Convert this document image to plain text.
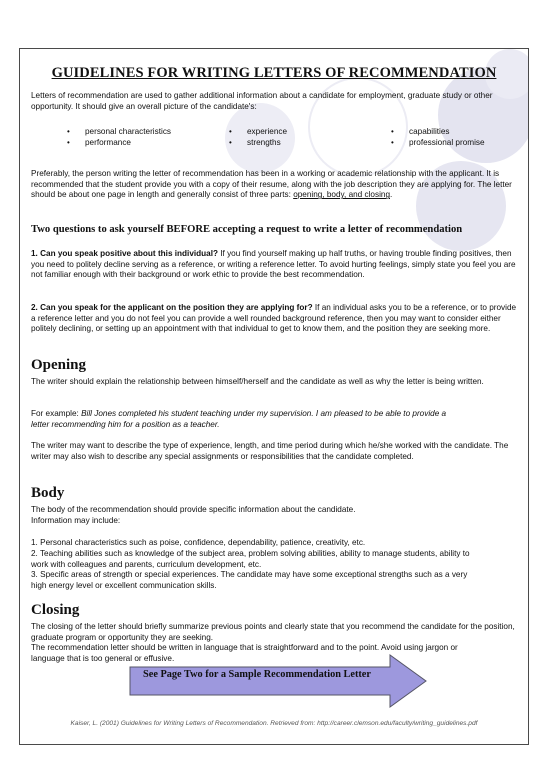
GUIDELINES FOR WRITING LETTERS OF RECOMMENDATION
Letters of recommendation are used to gather additional information about a candidate for employment, graduate study or other opportunity. It should give an overall picture of the candidate's:
• personal characteristics
• performance
• experience
• strengths
• capabilities
• professional promise
Preferably, the person writing the letter of recommendation has been in a working or academic relationship with the applicant. It is recommended that the student provide you with a copy of their resume, along with the job description they are applying for. The letter should be about one page in length and generally consist of three parts: opening, body, and closing.
Two questions to ask yourself BEFORE accepting a request to write a letter of recommendation
1. Can you speak positive about this individual? If you find yourself making up half truths, or having trouble finding positives, then you need to politely decline serving as a reference, or writing a reference letter. To avoid hurting feelings, simply state you feel you are not familiar enough with their background or work ethic to provide the best recommendation.
2. Can you speak for the applicant on the position they are applying for? If an individual asks you to be a reference, or to provide a reference letter and you do not feel you can provide a well rounded background reference, then you may want to consider either politely declining, or setting up an appointment with that individual to get to know them, and the position they are seeking more.
Opening
The writer should explain the relationship between himself/herself and the candidate as well as why the letter is being written.
For example: Bill Jones completed his student teaching under my supervision. I am pleased to be able to provide a letter recommending him for a position as a teacher.
The writer may want to describe the type of experience, length, and time period during which he/she worked with the candidate. The writer may also wish to describe any special assignments or responsibilities that the candidate completed.
Body
The body of the recommendation should provide specific information about the candidate.
Information may include:
1. Personal characteristics such as poise, confidence, dependability, patience, creativity, etc.
2. Teaching abilities such as knowledge of the subject area, problem solving abilities, ability to manage students, ability to work with colleagues and parents, curriculum development, etc.
3. Specific areas of strength or special experiences. The candidate may have some exceptional strengths such as a very high energy level or excellent communication skills.
Closing
The closing of the letter should briefly summarize previous points and clearly state that you recommend the candidate for the position, graduate program or opportunity they are seeking.
The recommendation letter should be written in language that is straightforward and to the point. Avoid using jargon or language that is too general or effusive.
See Page Two for a Sample Recommendation Letter
Kaiser, L. (2001) Guidelines for Writing Letters of Recommendation. Retrieved from: http://career.clemson.edu/faculty/writing_guidelines.pdf
